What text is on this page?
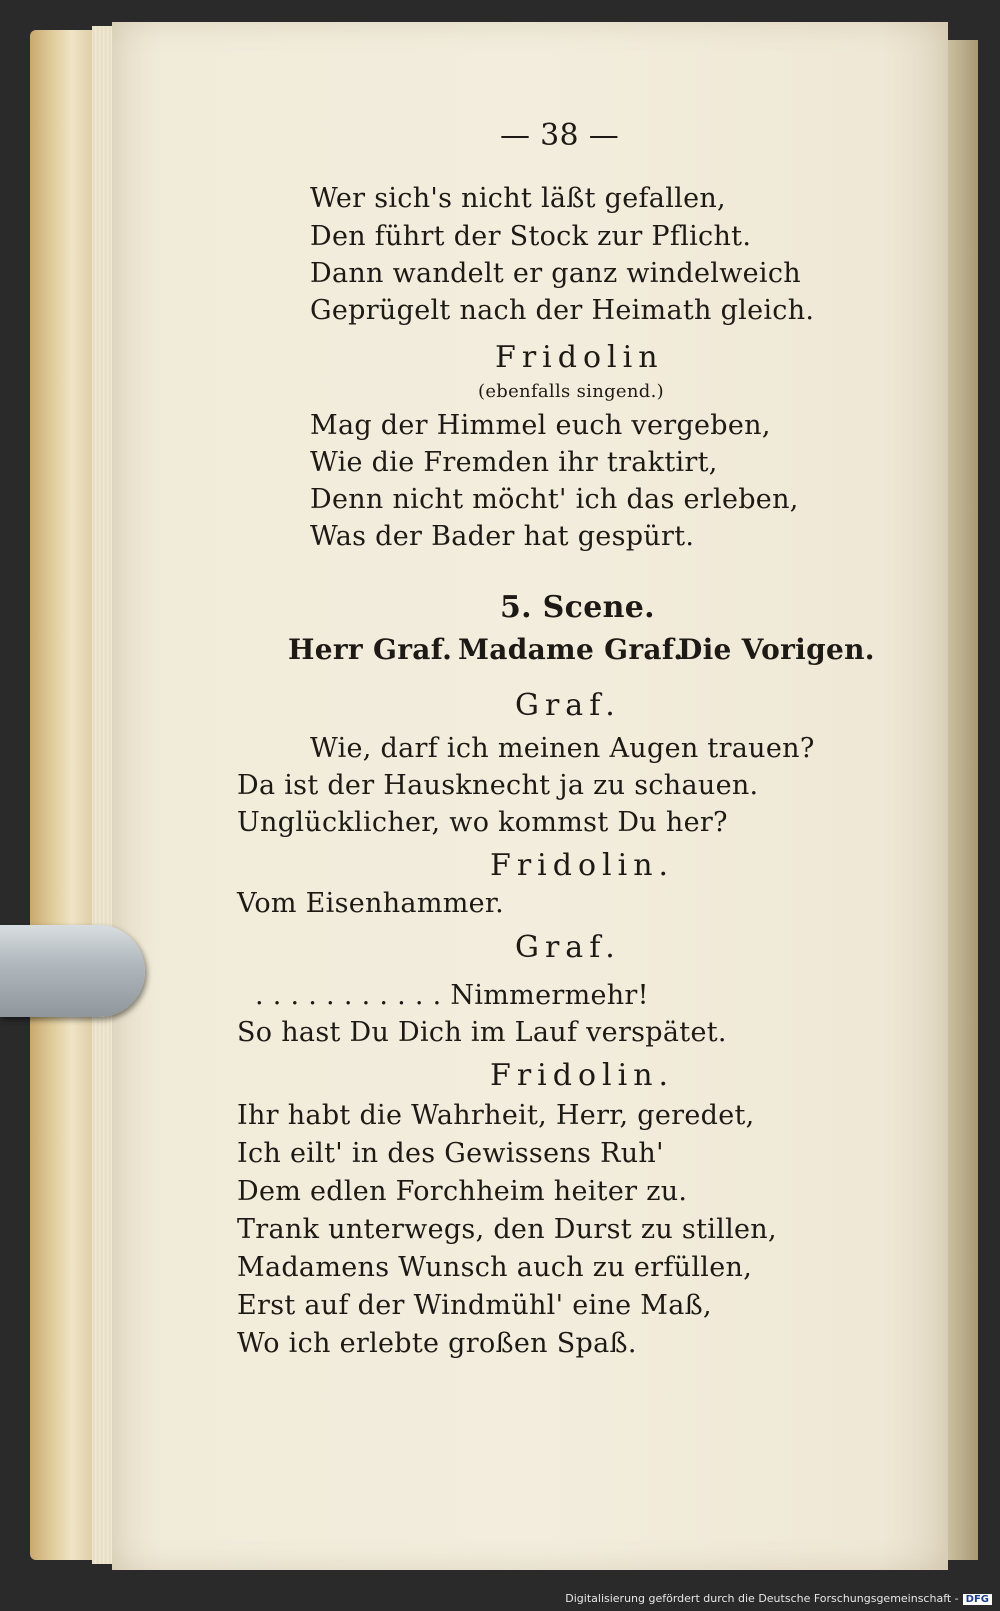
— 38 —
Wer sich's nicht läßt gefallen,
Den führt der Stock zur Pflicht.
Dann wandelt er ganz windelweich
Geprügelt nach der Heimath gleich.
Fridolin
(ebenfalls singend.)
Mag der Himmel euch vergeben,
Wie die Fremden ihr traktirt,
Denn nicht möcht' ich das erleben,
Was der Bader hat gespürt.
5. Scene.
Herr Graf. Madame Graf.
Die Vorigen.
Graf.
Wie, darf ich meinen Augen trauen?
Da ist der Hausknecht ja zu schauen.
Unglücklicher, wo kommst Du her?
Fridolin.
Vom Eisenhammer.
Graf.
. . . . . . . . . . . Nimmermehr!
So hast Du Dich im Lauf verspätet.
Fridolin.
Ihr habt die Wahrheit, Herr, geredet,
Ich eilt' in des Gewissens Ruh'
Dem edlen Forchheim heiter zu.
Trank unterwegs, den Durst zu stillen,
Madamens Wunsch auch zu erfüllen,
Erst auf der Windmühl' eine Maß,
Wo ich erlebte großen Spaß.
Digitalisierung gefördert durch die Deutsche Forschungsgemeinschaft - DFG
